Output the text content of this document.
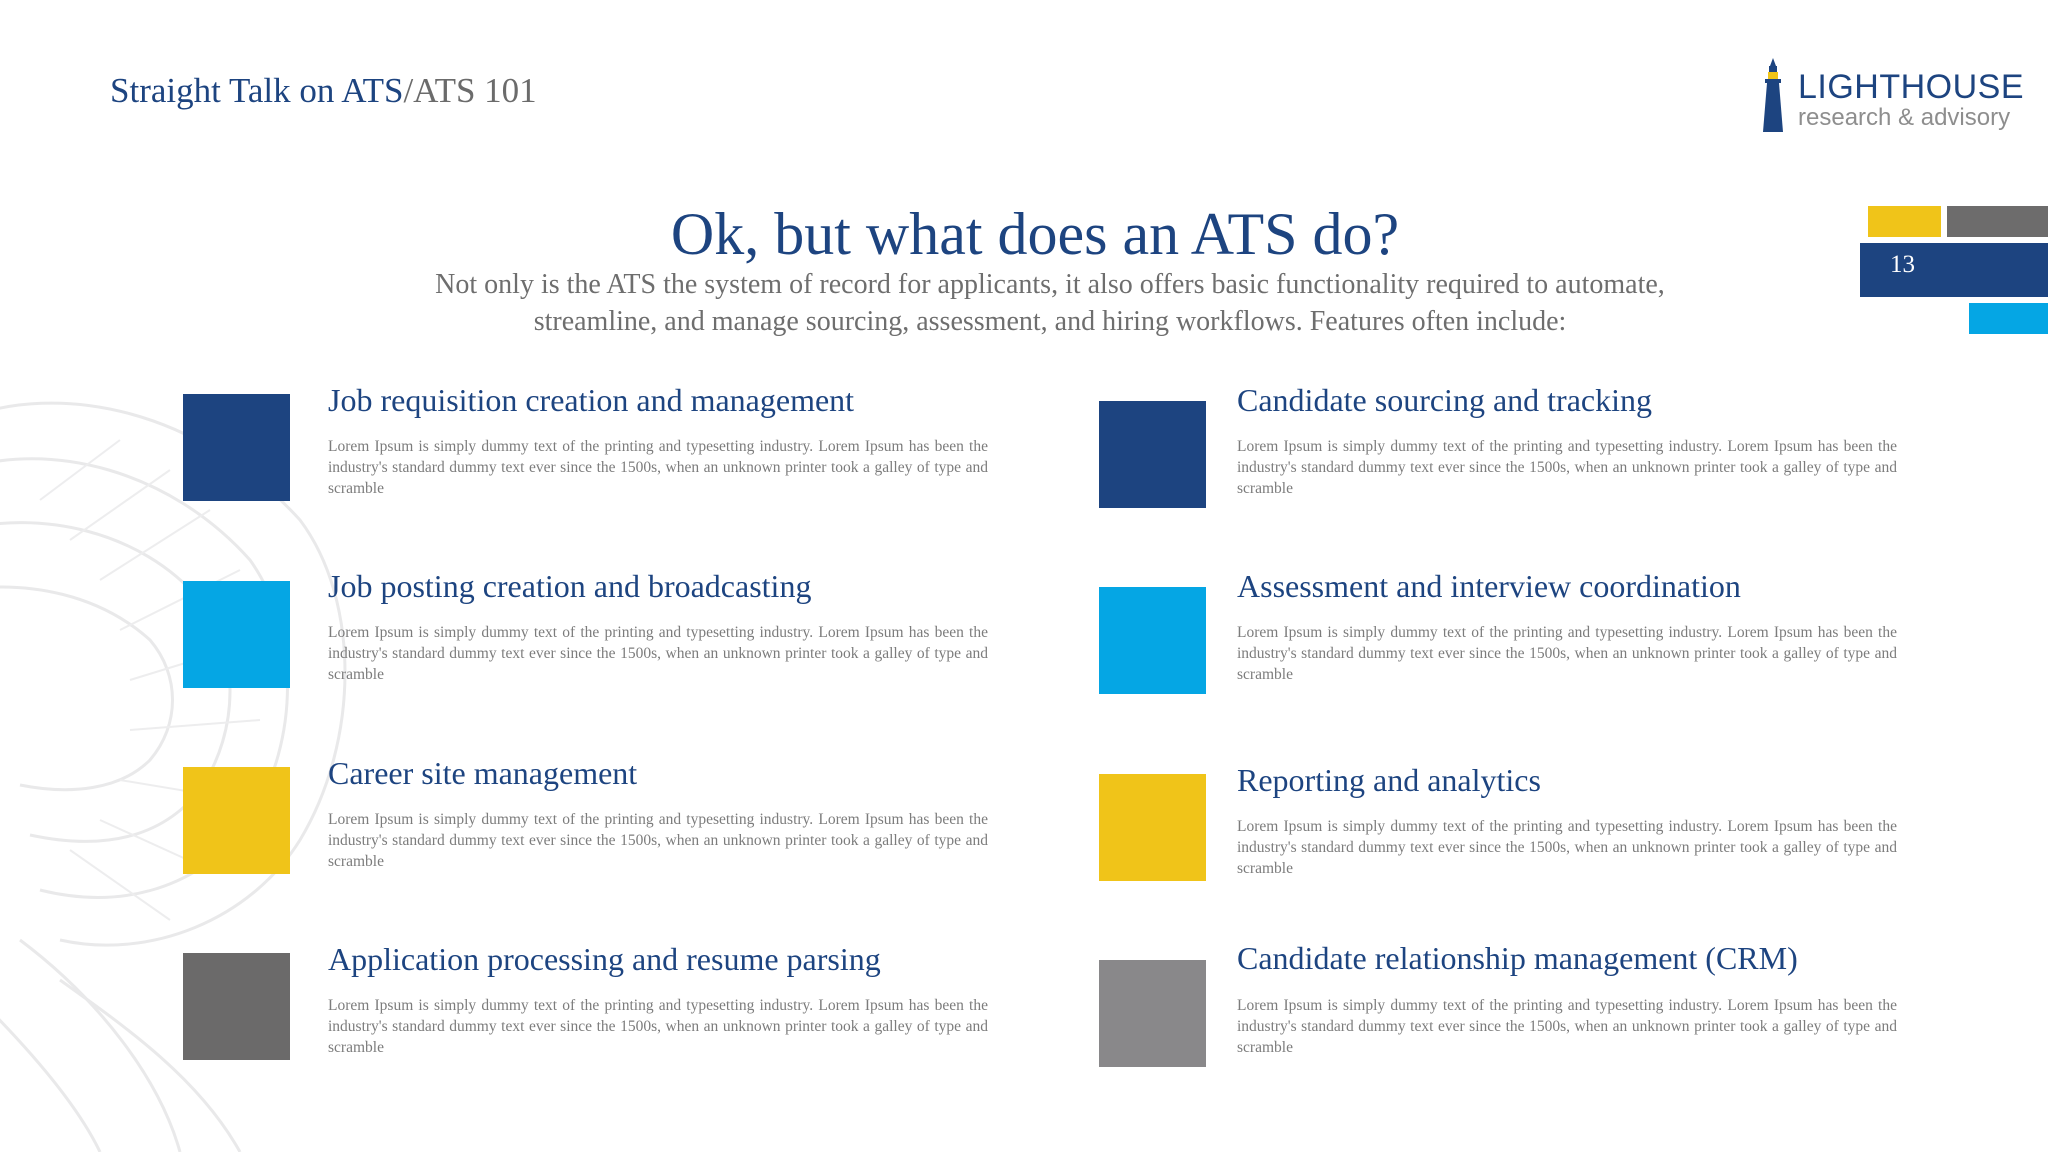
Straight Talk on ATS/ATS 101	LIGHTHOUSE
research & advisory
13
Ok, but what does an ATS do?

Not only is the ATS the system of record for applicants, it also offers basic functionality required to automate, streamline, and manage sourcing, assessment, and hiring workflows. Features often include:

Job requisition creation and management

Lorem Ipsum is simply dummy text of the printing and typesetting industry. Lorem Ipsum has been the industry's standard dummy text ever since the 1500s, when an unknown printer took a galley of type and scramble

Job posting creation and broadcasting

Lorem Ipsum is simply dummy text of the printing and typesetting industry. Lorem Ipsum has been the industry's standard dummy text ever since the 1500s, when an unknown printer took a galley of type and scramble

Career site management

Lorem Ipsum is simply dummy text of the printing and typesetting industry. Lorem Ipsum has been the industry's standard dummy text ever since the 1500s, when an unknown printer took a galley of type and scramble

Application processing and resume parsing

Lorem Ipsum is simply dummy text of the printing and typesetting industry. Lorem Ipsum has been the industry's standard dummy text ever since the 1500s, when an unknown printer took a galley of type and scramble

Candidate sourcing and tracking

Lorem Ipsum is simply dummy text of the printing and typesetting industry. Lorem Ipsum has been the industry's standard dummy text ever since the 1500s, when an unknown printer took a galley of type and scramble

Assessment and interview coordination

Lorem Ipsum is simply dummy text of the printing and typesetting industry. Lorem Ipsum has been the industry's standard dummy text ever since the 1500s, when an unknown printer took a galley of type and scramble

Reporting and analytics

Lorem Ipsum is simply dummy text of the printing and typesetting industry. Lorem Ipsum has been the industry's standard dummy text ever since the 1500s, when an unknown printer took a galley of type and scramble

Candidate relationship management (CRM)

Lorem Ipsum is simply dummy text of the printing and typesetting industry. Lorem Ipsum has been the industry's standard dummy text ever since the 1500s, when an unknown printer took a galley of type and scramble
